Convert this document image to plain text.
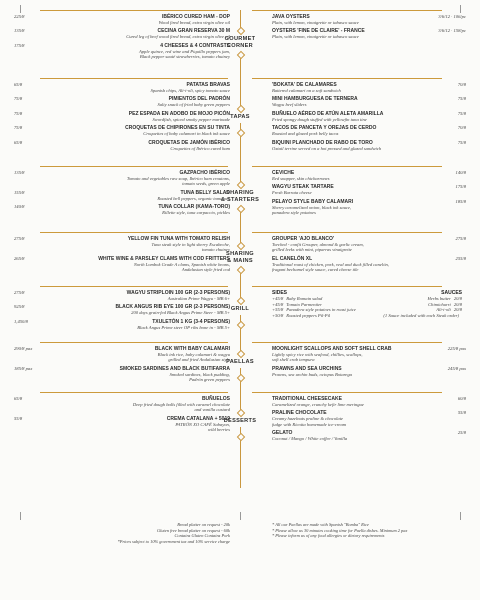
GOURMET
CORNER
225/8	IBÉRICO CURED HAM - DOP
Wood fired bread, extra virgin olive oil
135/8	CECINA GRAN RESERVA 30 M
Cured leg of beef wood fired bread, extra virgin olive oil
175/8	4 CHEESES & 4 CONTRASTS
Apple quince, red wine and Piquillo peppers jam,
Black pepper sauté strawberries, tomato chutney
3/6/12 · 106/pc
JAVA OYSTERS
Plain, with lemon, vinaigrette or tabasco sauce
3/6/12 · 158/pc
OYSTERS 'FINE DE CLAIRE' - FRANCE
Plain, with lemon, vinaigrette or tabasco sauce
TAPAS
65/8	PATATAS BRAVAS
Spanish chips, Ali-i-oli, spicy tomato sauce
75/8	PIMIENTOS DEL PADRÓN
Salty snack of fried baby green peppers
75/8	PEZ ESPADA EN ADOBO DE MOJO PICÓN
Swordfish, spiced smoky pepper marinade
75/8	CROQUETAS DE CHIPIRONES EN SU TINTA
Croquettes of baby calamari in black ink sauce
65/8	CROQUETAS DE JAMÓN IBÉRICO
Croquettes of Ibérico cured ham
70/8
'BOKATA' DE CALAMARES
Battered calamari on a soft sandwich
75/8
MINI HAMBURGUESA DE TERNERA
Wagyu beef sliders
75/8
BUÑUELO AÉREO DE ATÚN ALETA AMARILLA
Fried spongy dough stuffed with yellowfin tuna tine
70/8
TACOS DE PANCETA Y OREJAS DE CERDO
Roasted and glazed pork belly tacos
75/8
BIQUINI PLANCHADO DE RABO DE TORO
Oxtail terrine served on a hot pressed and glazed sandwich
SHARING
& STARTERS
135/8	GAZPACHO IBÉRICO
Tomato and vegetables raw soup, Ibérico ham croutons,
tomato seeds, green apple
155/8	TUNA BELLY SALAD
Roasted bell peppers, organic tomatoes
140/8	TUNA COLLAR (KAMA-TORO)
Rillette style, tuna carpaccio, pickles
140/8
CEVICHE
Red snapper, skin chicharrones
175/8
WAGYU STEAK TARTARE
Fresh Burrata cheese
185/8
PELAYO STYLE BABY CALAMARI
Sherry caramelized onion, black ink sauce,
panadera style potatoes
SHARING
& MAINS
275/8	YELLOW FIN TUNA WITH TOMATO RELISH
Tuna steak style in light sherry Escabeche,
tomato chutney
265/8	WHITE WINE & PARSLEY CLAMS WITH COD FRITTERS
North Lombok Grade A clams, Spanish white beans,
Andalusian style fried cod
275/8
GROUPER 'AJO BLANCO'
Torched - confit Grouper, almond & garlic cream,
grilled leeks with mint, piparras vinaigrette
255/8
EL CANELÓN XL
Traditional roast of chicken, pork, veal and duck filled canelón,
fragant bechamel style sauce, cured cheese tile
GRILL
275/8	WAGYU STRIPLOIN 100 GR (2-3 PERSONS)
Australian Prime Wagyu - MB 6+
925/8	BLACK ANGUS RIB EYE 100 GR (2-3 PERSONS)
200 days grain-fed Black Angus Prime Steer - MB 5+
1,450/8	TXULETÓN 1 KG (3-4 PERSONS)
Black Angus Prime steer OP ribs bone in - MB 5+
SIDES	SAUCES
+45/8 Baby Romain salad	Herbs butter 20/8
+45/8 Tomato Parmentier	Chimichurri 20/8
+55/8 Panadera style potatoes in roast juice	Ali-i-oli 20/8
+50/8 Roasted peppers Pil-Pil	(1 Sauce included with each Steak order)
PAELLAS
290/8 pax	BLACK WITH BABY CALAMARI
Black ink rice, baby calamari & wagyu
grilled and fried Andalusian style
185/8 pax	SMOKED SARDINES AND BLACK BUTIFARRA
Smoked sardines, black pudding,
Padrón green peppers
225/8 pax
MOONLIGHT SCALLOPS AND SOFT SHELL CRAB
Lightly spicy rice with seafood, chillies, scallops,
soft shell crab tempura
245/8 pax
PRAWNS AND SEA URCHINS
Prawns, sea urchin buds, octopus Botarega
DESSERTS
65/8	BUÑUELOS
Deep fried dough balls filled with caramel chocolate
and vanilla custard
55/8	CREMA CATALANA + 5019
PATRÓN XO CAFÉ Sabayon,
wild berries
60/8
TRADITIONAL CHEESECAKE
Caramelized orange, crunchy kefir lime meringue
55/8
PRALINE CHOCOLATE
Creamy hazelnuts praline & chocolate
fudge with Ricotta homemade ice-cream
25/8
GELATO
Coconut / Mango / White coffee / Vanilla
Bread platter on request - 20k
Gluten free bread platter on request - 60k
Contains Gluten Contains Pork
*Prices subject to 10% government tax and 10% service charge
* All our Paellas are made with Spanish "Bomba" Rice
* Please allow us 30 minutes cooking time for Paella dishes. Minimum 2 pax
* Please inform us of any food allergies or dietary requirements
